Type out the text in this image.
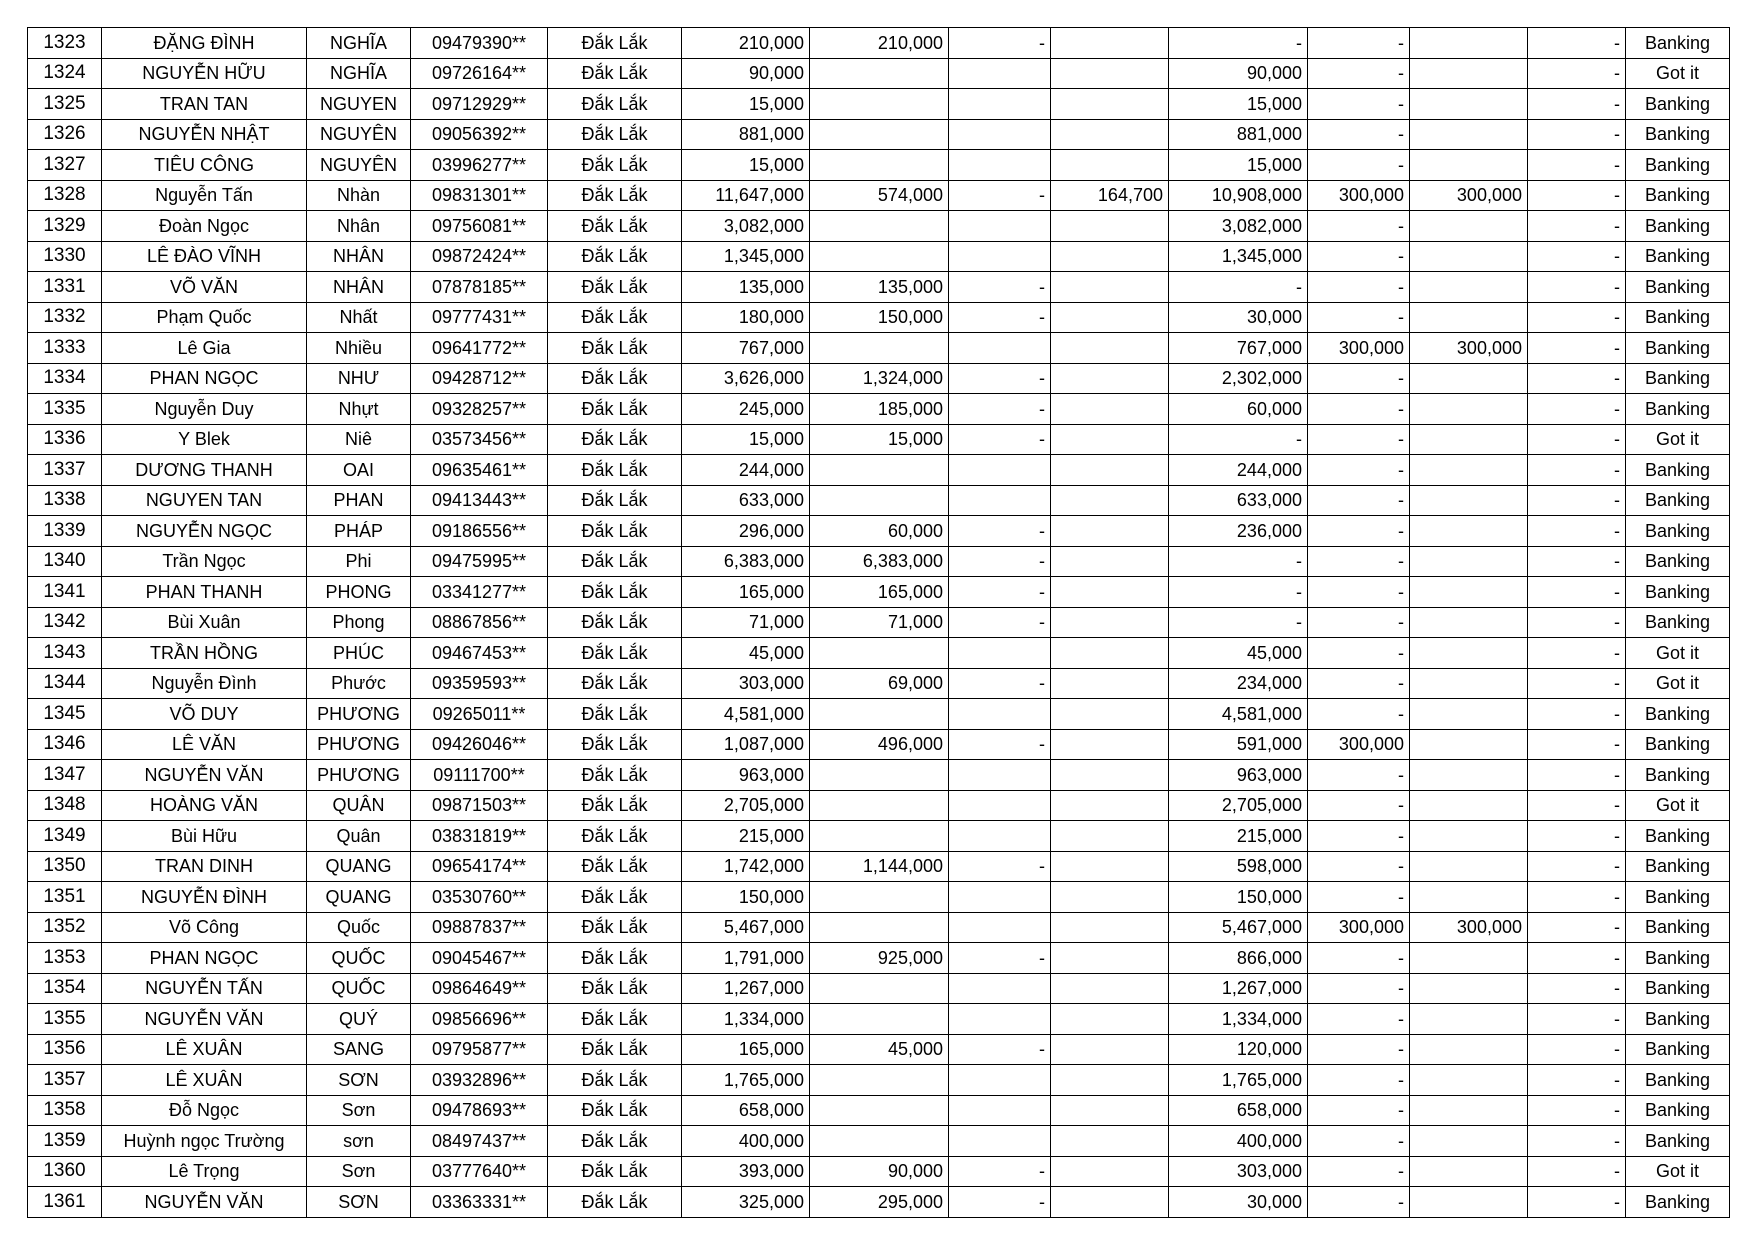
1323	ĐẶNG ĐÌNH	NGHĨA	09479390**	Đắk Lắk	210,000	210,000	-		-	-		-	Banking
1324	NGUYỄN HỮU	NGHĨA	09726164**	Đắk Lắk	90,000				90,000	-		-	Got it
1325	TRAN TAN	NGUYEN	09712929**	Đắk Lắk	15,000				15,000	-		-	Banking
1326	NGUYỄN NHẬT	NGUYÊN	09056392**	Đắk Lắk	881,000				881,000	-		-	Banking
1327	TIÊU CÔNG	NGUYÊN	03996277**	Đắk Lắk	15,000				15,000	-		-	Banking
1328	Nguyễn Tấn	Nhàn	09831301**	Đắk Lắk	11,647,000	574,000	-	164,700	10,908,000	300,000	300,000	-	Banking
1329	Đoàn Ngọc	Nhân	09756081**	Đắk Lắk	3,082,000				3,082,000	-		-	Banking
1330	LÊ ĐÀO VĨNH	NHÂN	09872424**	Đắk Lắk	1,345,000				1,345,000	-		-	Banking
1331	VÕ VĂN	NHÂN	07878185**	Đắk Lắk	135,000	135,000	-		-	-		-	Banking
1332	Phạm Quốc	Nhất	09777431**	Đắk Lắk	180,000	150,000	-		30,000	-		-	Banking
1333	Lê Gia	Nhiều	09641772**	Đắk Lắk	767,000				767,000	300,000	300,000	-	Banking
1334	PHAN NGỌC	NHƯ	09428712**	Đắk Lắk	3,626,000	1,324,000	-		2,302,000	-		-	Banking
1335	Nguyễn Duy	Nhựt	09328257**	Đắk Lắk	245,000	185,000	-		60,000	-		-	Banking
1336	Y Blek	Niê	03573456**	Đắk Lắk	15,000	15,000	-		-	-		-	Got it
1337	DƯƠNG THANH	OAI	09635461**	Đắk Lắk	244,000				244,000	-		-	Banking
1338	NGUYEN TAN	PHAN	09413443**	Đắk Lắk	633,000				633,000	-		-	Banking
1339	NGUYỄN NGỌC	PHÁP	09186556**	Đắk Lắk	296,000	60,000	-		236,000	-		-	Banking
1340	Trần Ngọc	Phi	09475995**	Đắk Lắk	6,383,000	6,383,000	-		-	-		-	Banking
1341	PHAN THANH	PHONG	03341277**	Đắk Lắk	165,000	165,000	-		-	-		-	Banking
1342	Bùi Xuân	Phong	08867856**	Đắk Lắk	71,000	71,000	-		-	-		-	Banking
1343	TRẦN HỒNG	PHÚC	09467453**	Đắk Lắk	45,000				45,000	-		-	Got it
1344	Nguyễn Đình	Phước	09359593**	Đắk Lắk	303,000	69,000	-		234,000	-		-	Got it
1345	VÕ DUY	PHƯƠNG	09265011**	Đắk Lắk	4,581,000				4,581,000	-		-	Banking
1346	LÊ VĂN	PHƯƠNG	09426046**	Đắk Lắk	1,087,000	496,000	-		591,000	300,000		-	Banking
1347	NGUYỄN VĂN	PHƯƠNG	09111700**	Đắk Lắk	963,000				963,000	-		-	Banking
1348	HOÀNG VĂN	QUÂN	09871503**	Đắk Lắk	2,705,000				2,705,000	-		-	Got it
1349	Bùi Hữu	Quân	03831819**	Đắk Lắk	215,000				215,000	-		-	Banking
1350	TRAN DINH	QUANG	09654174**	Đắk Lắk	1,742,000	1,144,000	-		598,000	-		-	Banking
1351	NGUYỄN ĐÌNH	QUANG	03530760**	Đắk Lắk	150,000				150,000	-		-	Banking
1352	Võ Công	Quốc	09887837**	Đắk Lắk	5,467,000				5,467,000	300,000	300,000	-	Banking
1353	PHAN NGỌC	QUỐC	09045467**	Đắk Lắk	1,791,000	925,000	-		866,000	-		-	Banking
1354	NGUYỄN TẤN	QUỐC	09864649**	Đắk Lắk	1,267,000				1,267,000	-		-	Banking
1355	NGUYỄN VĂN	QUÝ	09856696**	Đắk Lắk	1,334,000				1,334,000	-		-	Banking
1356	LÊ XUÂN	SANG	09795877**	Đắk Lắk	165,000	45,000	-		120,000	-		-	Banking
1357	LÊ XUÂN	SƠN	03932896**	Đắk Lắk	1,765,000				1,765,000	-		-	Banking
1358	Đỗ Ngọc	Sơn	09478693**	Đắk Lắk	658,000				658,000	-		-	Banking
1359	Huỳnh ngọc Trường	sơn	08497437**	Đắk Lắk	400,000				400,000	-		-	Banking
1360	Lê Trọng	Sơn	03777640**	Đắk Lắk	393,000	90,000	-		303,000	-		-	Got it
1361	NGUYỄN VĂN	SƠN	03363331**	Đắk Lắk	325,000	295,000	-		30,000	-		-	Banking
